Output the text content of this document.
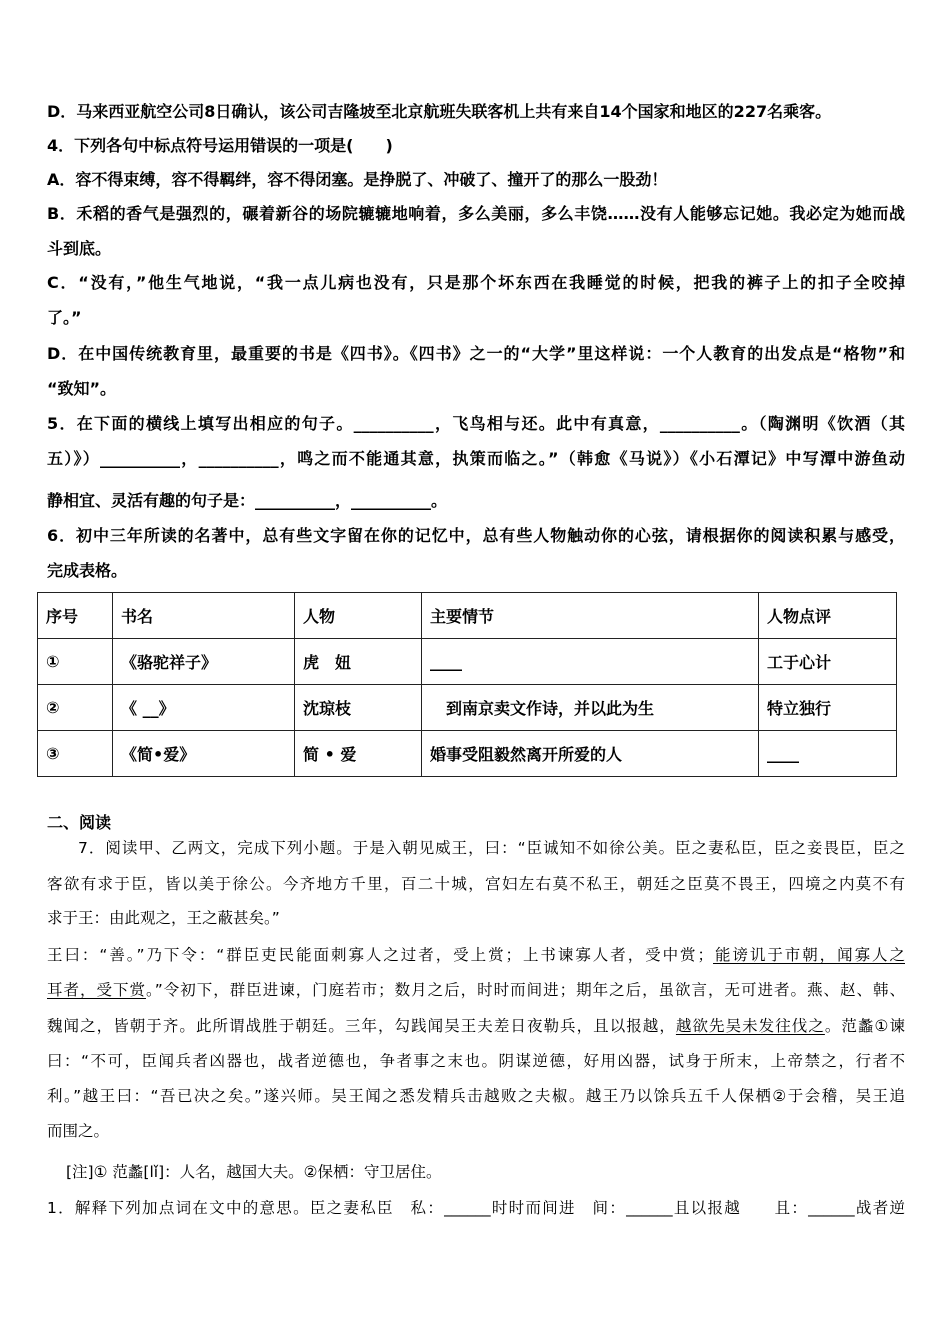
D．马来西亚航空公司8日确认，该公司吉隆坡至北京航班失联客机上共有来自14个国家和地区的227名乘客。
4．下列各句中标点符号运用错误的一项是(　　)
A．容不得束缚，容不得羁绊，容不得闭塞。是挣脱了、冲破了、撞开了的那么一股劲！
B．禾稻的香气是强烈的，碾着新谷的场院辘辘地响着，多么美丽，多么丰饶……没有人能够忘记她。我必定为她而战
斗到底。
C．“没有，”他生气地说，“我一点儿病也没有，只是那个坏东西在我睡觉的时候，把我的裤子上的扣子全咬掉
了。”
D．在中国传统教育里，最重要的书是《四书》。《四书》之一的“大学”里这样说：一个人教育的出发点是“格物”和
“致知”。
5．在下面的横线上填写出相应的句子。__________，飞鸟相与还。此中有真意，__________。（陶渊明《饮酒（其
五）》）__________，__________，鸣之而不能通其意，执策而临之。”（韩愈《马说》）《小石潭记》中写潭中游鱼动
静相宜、灵活有趣的句子是：__________，__________。
6．初中三年所读的名著中，总有些文字留在你的记忆中，总有些人物触动你的心弦，请根据你的阅读积累与感受，
完成表格。
序号	书名	人物	主要情节	人物点评
①	《骆驼祥子》	虎　妞	____	工于心计
②	《 __》	沈琼枝	　到南京卖文作诗，并以此为生	特立独行
③	《简•爱》	简 • 爱	婚事受阻毅然离开所爱的人	____
二、阅读
7．阅读甲、乙两文，完成下列小题。于是入朝见威王，曰：“臣诚知不如徐公美。臣之妻私臣，臣之妾畏臣，臣之
客欲有求于臣，皆以美于徐公。今齐地方千里，百二十城，宫妇左右莫不私王，朝廷之臣莫不畏王，四境之内莫不有
求于王：由此观之，王之蔽甚矣。”
王曰：“善。”乃下令：“群臣吏民能面刺寡人之过者，受上赏；上书谏寡人者，受中赏；能谤讥于市朝，闻寡人之
耳者，受下赏。”令初下，群臣进谏，门庭若市；数月之后，时时而间进；期年之后，虽欲言，无可进者。燕、赵、韩、
魏闻之，皆朝于齐。此所谓战胜于朝廷。三年，勾践闻吴王夫差日夜勒兵，且以报越，越欲先吴未发往伐之。范蠡①谏
曰：“不可，臣闻兵者凶器也，战者逆德也，争者事之末也。阴谋逆德，好用凶器，试身于所末，上帝禁之，行者不
利。”越王曰：“吾已决之矣。”遂兴师。吴王闻之悉发精兵击越败之夫椒。越王乃以馀兵五千人保栖②于会稽，吴王追
而围之。
[注]① 范蠡[lǐ]：人名，越国大夫。②保栖：守卫居住。
1．解释下列加点词在文中的意思。臣之妻私臣　私：______时时而间进　间：______且以报越　　且：______战者逆
